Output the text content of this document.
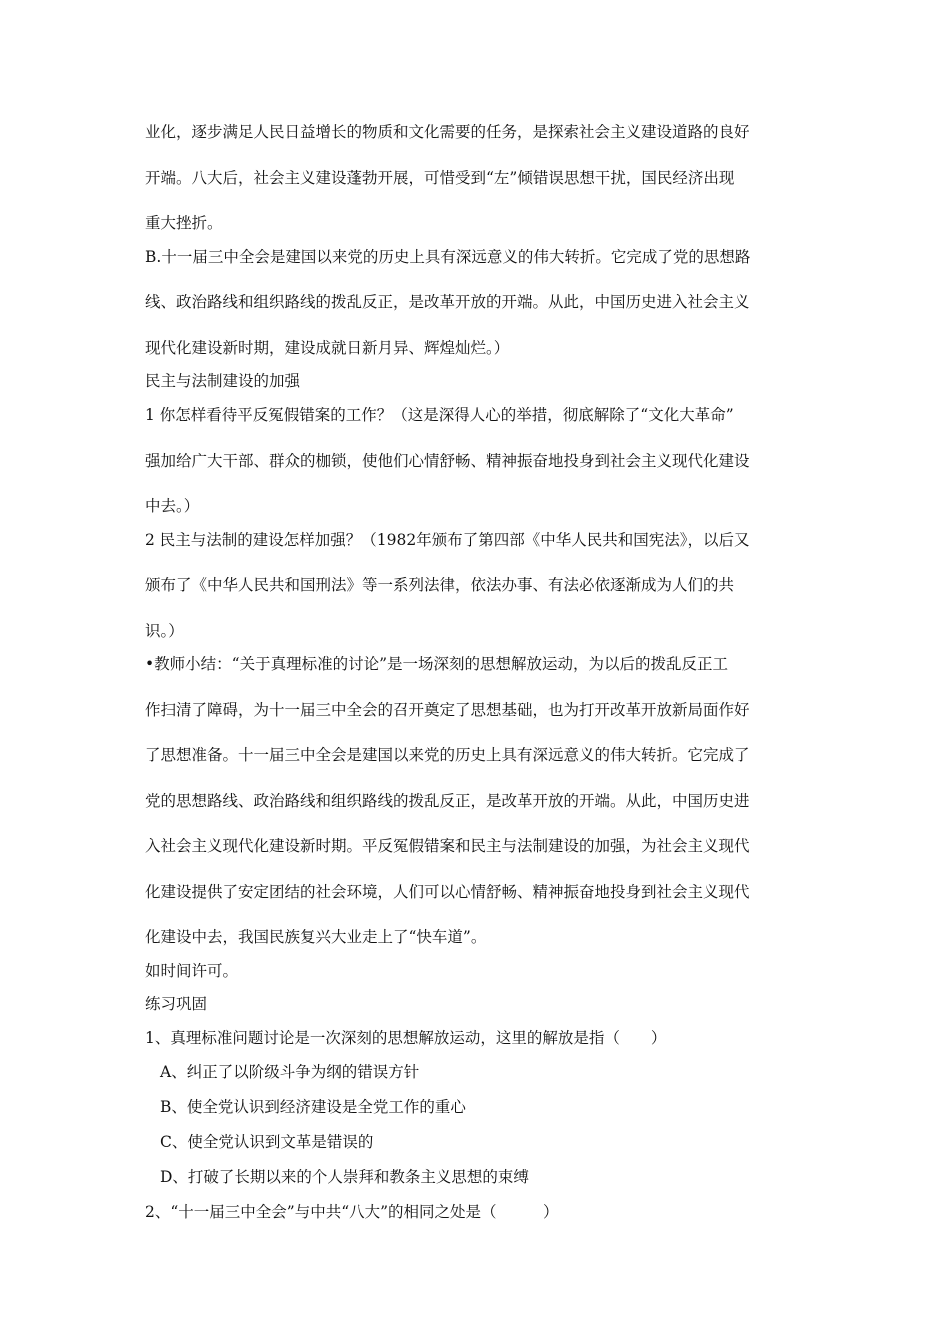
业化，逐步满足人民日益增长的物质和文化需要的任务，是探索社会主义建设道路的良好
开端。八大后，社会主义建设蓬勃开展，可惜受到“左”倾错误思想干扰，国民经济出现
重大挫折。
B.十一届三中全会是建国以来党的历史上具有深远意义的伟大转折。它完成了党的思想路
线、政治路线和组织路线的拨乱反正，是改革开放的开端。从此，中国历史进入社会主义
现代化建设新时期，建设成就日新月异、辉煌灿烂。）
民主与法制建设的加强
1 你怎样看待平反冤假错案的工作？（这是深得人心的举措，彻底解除了“文化大革命”
强加给广大干部、群众的枷锁，使他们心情舒畅、精神振奋地投身到社会主义现代化建设
中去。）
2 民主与法制的建设怎样加强？（1982年颁布了第四部《中华人民共和国宪法》，以后又
颁布了《中华人民共和国刑法》等一系列法律，依法办事、有法必依逐渐成为人们的共
识。）
•教师小结：“关于真理标准的讨论”是一场深刻的思想解放运动，为以后的拨乱反正工
作扫清了障碍，为十一届三中全会的召开奠定了思想基础，也为打开改革开放新局面作好
了思想准备。十一届三中全会是建国以来党的历史上具有深远意义的伟大转折。它完成了
党的思想路线、政治路线和组织路线的拨乱反正，是改革开放的开端。从此，中国历史进
入社会主义现代化建设新时期。平反冤假错案和民主与法制建设的加强，为社会主义现代
化建设提供了安定团结的社会环境，人们可以心情舒畅、精神振奋地投身到社会主义现代
化建设中去，我国民族复兴大业走上了“快车道”。
如时间许可。
练习巩固
1、真理标准问题讨论是一次深刻的思想解放运动，这里的解放是指（　　）
A、纠正了以阶级斗争为纲的错误方针
B、使全党认识到经济建设是全党工作的重心
C、使全党认识到文革是错误的
D、打破了长期以来的个人崇拜和教条主义思想的束缚
2、“十一届三中全会”与中共“八大”的相同之处是（　　　）
